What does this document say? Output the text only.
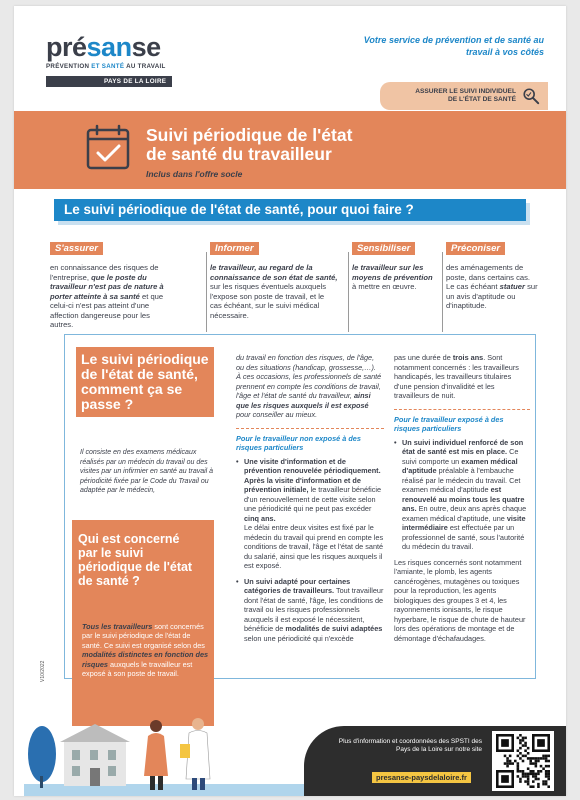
présanse
PRÉVENTION ET SANTÉ AU TRAVAIL
PAYS DE LA LOIRE
Votre service de prévention et de santé au travail à vos côtés
ASSURER LE SUIVI INDIVIDUEL
DE L'ÉTAT DE SANTÉ
Suivi périodique de l'état
de santé du travailleur
Inclus dans l'offre socle
Le suivi périodique de l'état de santé, pour quoi faire ?
S'assurer

en connaissance des risques de l'entreprise, que le poste du travailleur n'est pas de nature à porter atteinte à sa santé et que celui-ci n'est pas atteint d'une affection dangereuse pour les autres.

Informer

le travailleur, au regard de la connaissance de son état de santé, sur les risques éventuels auxquels l'expose son poste de travail, et le cas échéant, sur le suivi médical nécessaire.

Sensibiliser

le travailleur sur les moyens de prévention à mettre en œuvre.

Préconiser

des aménagements de poste, dans certains cas. Le cas échéant statuer sur un avis d'aptitude ou d'inaptitude.

Le suivi périodique de l'état de santé, comment ça se passe ?
Il consiste en des examens médicaux réalisés par un médecin du travail ou des visites par un infirmier en santé au travail à périodicité fixée par le Code du Travail ou adaptée par le médecin,
Qui est concerné par le suivi périodique de l'état de santé ?
Tous les travailleurs sont concernés par le suivi périodique de l'état de santé. Ce suivi est organisé selon des modalités distinctes en fonction des risques auxquels le travailleur est exposé à son poste de travail.

du travail en fonction des risques, de l'âge, ou des situations (handicap, grossesse,…).

À ces occasions, les professionnels de santé prennent en compte les conditions de travail, l'âge et l'état de santé du travailleur, ainsi que les risques auxquels il est exposé pour conseiller au mieux.

Pour le travailleur non exposé à des risques particuliers
• Une visite d'information et de prévention renouvelée périodiquement. Après la visite d'information et de prévention initiale, le travailleur bénéficie d'un renouvellement de cette visite selon une périodicité qui ne peut pas excéder cinq ans.
Le délai entre deux visites est fixé par le médecin du travail qui prend en compte les conditions de travail, l'âge et l'état de santé du salarié, ainsi que les risques auxquels il est exposé.
• Un suivi adapté pour certaines catégories de travailleurs. Tout travailleur dont l'état de santé, l'âge, les conditions de travail ou les risques professionnels auxquels il est exposé le nécessitent, bénéficie de modalités de suivi adaptées selon une périodicité qui n'excède

pas une durée de trois ans. Sont notamment concernés : les travailleurs handicapés, les travailleurs titulaires d'une pension d'invalidité et les travailleurs de nuit.

Pour le travailleur exposé à des risques particuliers
• Un suivi individuel renforcé de son état de santé est mis en place. Ce suivi comporte un examen médical d'aptitude préalable à l'embauche réalisé par le médecin du travail. Cet examen médical d'aptitude est renouvelé au moins tous les quatre ans. En outre, deux ans après chaque examen médical d'aptitude, une visite intermédiaire est effectuée par un professionnel de santé, sous l'autorité du médecin du travail.

Les risques concernés sont notamment l'amiante, le plomb, les agents cancérogènes, mutagènes ou toxiques pour la reproduction, les agents biologiques des groupes 3 et 4, les rayonnements ionisants, le risque hyperbare, le risque de chute de hauteur lors des opérations de montage et de démontage d'échafaudages.

V10/2022
Plus d'information et coordonnées des SPSTI des Pays de la Loire sur notre site
presanse-paysdelaloire.fr
